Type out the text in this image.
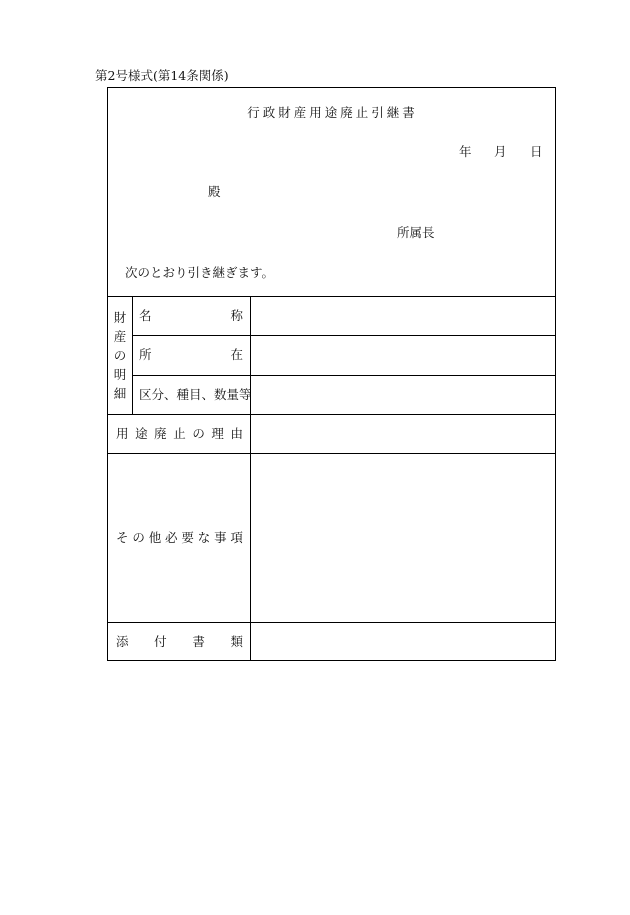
第2号様式(第14条関係)
行政財産用途廃止引継書
年 月 日
殿
所属長
次のとおり引き継ぎます。
財
産
の
明
細
名	称
所	在
区分、種目、数量等
用 途 廃 止 の 理 由
そ の 他 必 要 な 事 項
添 付 書 類
